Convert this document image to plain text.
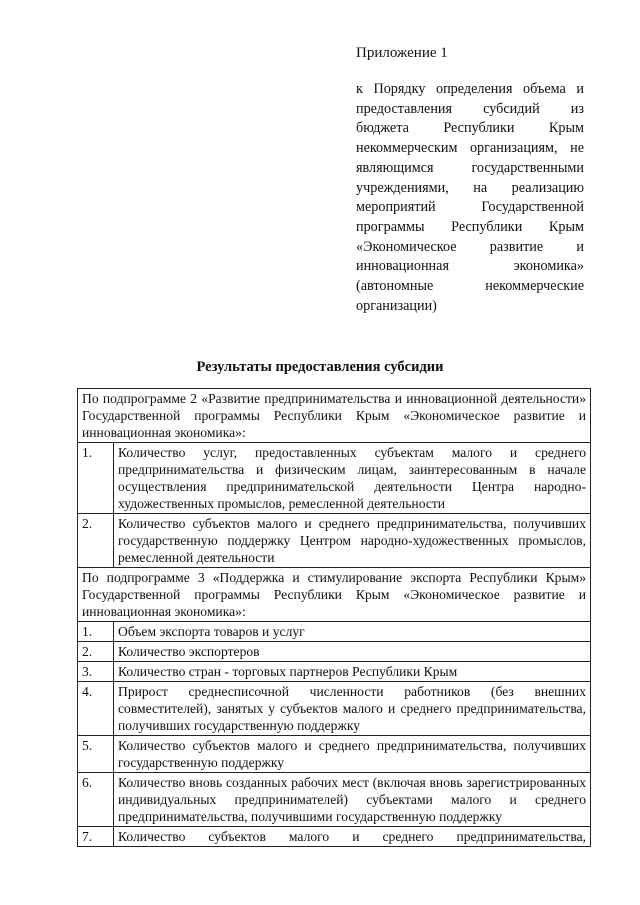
Приложение 1
к Порядку определения объема и
предоставления субсидий из
бюджета Республики Крым
некоммерческим организациям, не
являющимся государственными
учреждениями, на реализацию
мероприятий Государственной
программы Республики Крым
«Экономическое развитие и
инновационная экономика»
(автономные некоммерческие
организации)
Результаты предоставления субсидии
По подпрограмме 2 «Развитие предпринимательства и инновационной деятельности» Государственной программы Республики Крым «Экономическое развитие и инновационная экономика»:	

1.	Количество услуг, предоставленных субъектам малого и среднего предпринимательства и физическим лицам, заинтересованным в начале осуществления предпринимательской деятельности Центра народно-художественных промыслов, ремесленной деятельности

2.	Количество субъектов малого и среднего предпринимательства, получивших государственную поддержку Центром народно-художественных промыслов, ремесленной деятельности

По подпрограмме 3 «Поддержка и стимулирование экспорта Республики Крым» Государственной программы Республики Крым «Экономическое развитие и инновационная экономика»:	

1.	Объем экспорта товаров и услуг

2.	Количество экспортеров

3.	Количество стран - торговых партнеров Республики Крым

4.	Прирост среднесписочной численности работников (без внешних совместителей), занятых у субъектов малого и среднего предпринимательства, получивших государственную поддержку

5.	Количество субъектов малого и среднего предпринимательства, получивших государственную поддержку

6.	Количество вновь созданных рабочих мест (включая вновь зарегистрированных индивидуальных предпринимателей) субъектами малого и среднего предпринимательства, получившими государственную поддержку

7.	Количество субъектов малого и среднего предпринимательства,
